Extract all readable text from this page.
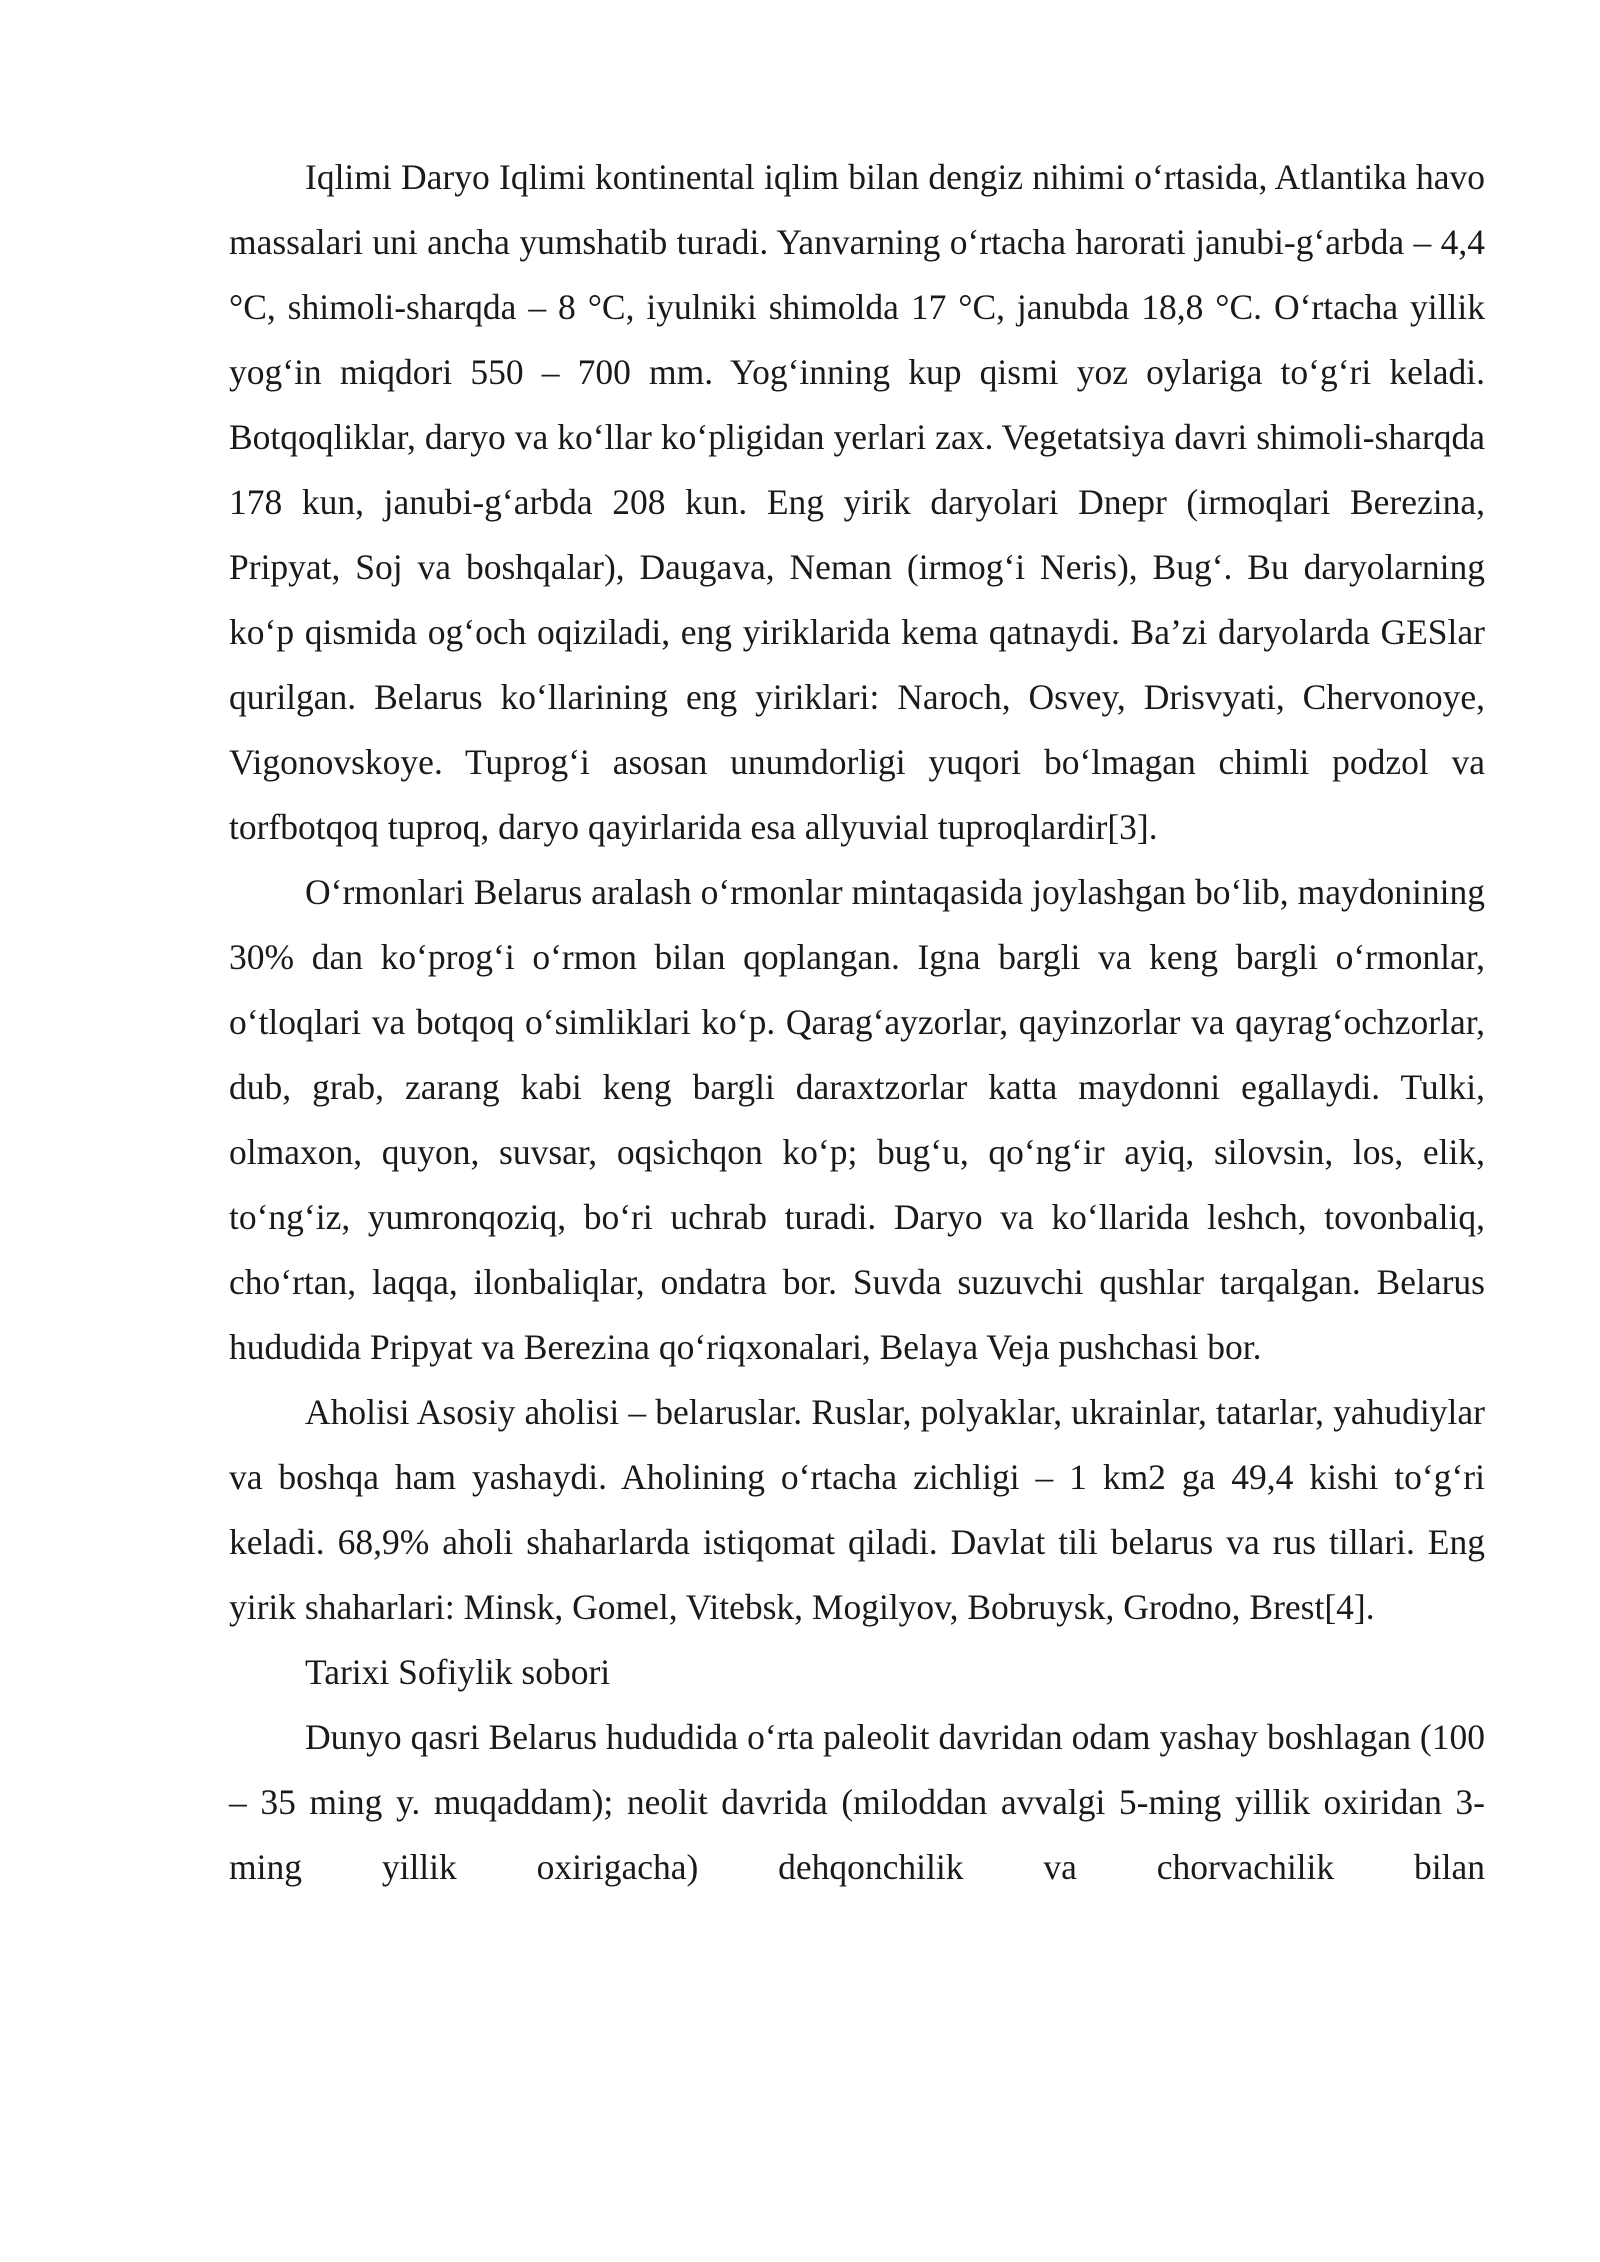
Iqlimi Daryo Iqlimi kontinental iqlim bilan dengiz nihimi o‘rtasida, Atlantika havo massalari uni ancha yumshatib turadi. Yanvarning o‘rtacha harorati janubi-g‘arbda – 4,4 °C, shimoli-sharqda – 8 °C, iyulniki shimolda 17 °C, janubda 18,8 °C. O‘rtacha yillik yog‘in miqdori 550 – 700 mm. Yog‘inning kup qismi yoz oylariga to‘g‘ri keladi. Botqoqliklar, daryo va ko‘llar ko‘pligidan yerlari zax. Vegetatsiya davri shimoli-sharqda 178 kun, janubi-g‘arbda 208 kun. Eng yirik daryolari Dnepr (irmoqlari Berezina, Pripyat, Soj va boshqalar), Daugava, Neman (irmog‘i Neris), Bug‘. Bu daryolarning ko‘p qismida og‘och oqiziladi, eng yiriklarida kema qatnaydi. Ba’zi daryolarda GESlar qurilgan. Belarus ko‘llarining eng yiriklari: Naroch, Osvey, Drisvyati, Chervonoye, Vigonovskoye. Tuprog‘i asosan unumdorligi yuqori bo‘lmagan chimli podzol va torfbotqoq tuproq, daryo qayirlarida esa allyuvial tuproqlardir[3].

O‘rmonlari Belarus aralash o‘rmonlar mintaqasida joylashgan bo‘lib, maydonining 30% dan ko‘prog‘i o‘rmon bilan qoplangan. Igna bargli va keng bargli o‘rmonlar, o‘tloqlari va botqoq o‘simliklari ko‘p. Qarag‘ayzorlar, qayinzorlar va qayrag‘ochzorlar, dub, grab, zarang kabi keng bargli daraxtzorlar katta maydonni egallaydi. Tulki, olmaxon, quyon, suvsar, oqsichqon ko‘p; bug‘u, qo‘ng‘ir ayiq, silovsin, los, elik, to‘ng‘iz, yumronqoziq, bo‘ri uchrab turadi. Daryo va ko‘llarida leshch, tovonbaliq, cho‘rtan, laqqa, ilonbaliqlar, ondatra bor. Suvda suzuvchi qushlar tarqalgan. Belarus hududida Pripyat va Berezina qo‘riqxonalari, Belaya Veja pushchasi bor.

Aholisi Asosiy aholisi – belaruslar. Ruslar, polyaklar, ukrainlar, tatarlar, yahudiylar va boshqa ham yashaydi. Aholining o‘rtacha zichligi – 1 km2 ga 49,4 kishi to‘g‘ri keladi. 68,9% aholi shaharlarda istiqomat qiladi. Davlat tili belarus va rus tillari. Eng yirik shaharlari: Minsk, Gomel, Vitebsk, Mogilyov, Bobruysk, Grodno, Brest[4].

Tarixi Sofiylik sobori

Dunyo qasri Belarus hududida o‘rta paleolit davridan odam yashay boshlagan (100 – 35 ming y. muqaddam); neolit davrida (miloddan avvalgi 5-ming yillik oxiridan 3-ming yillik oxirigacha) dehqonchilik va chorvachilik bilan
